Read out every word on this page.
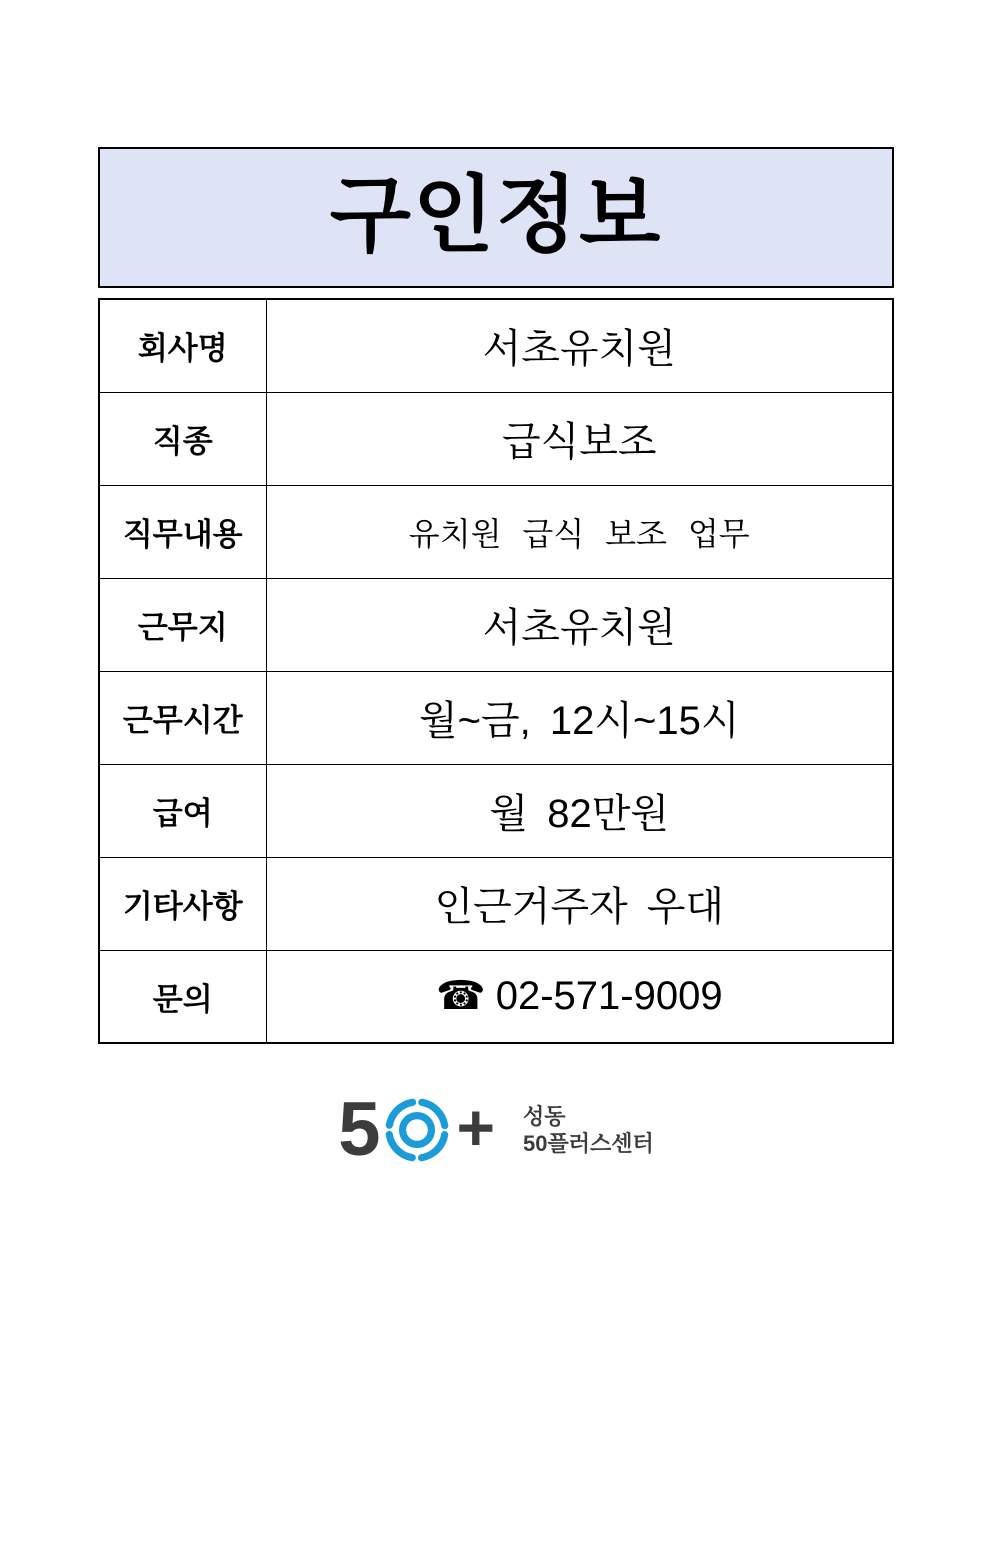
구인정보
회사명	서초유치원
직종	급식보조
직무내용	유치원 급식 보조 업무
근무지	서초유치원
근무시간	월~금, 12시~15시
급여	월 82만원
기타사항	인근거주자 우대
문의	☎ 02-571-9009
5 + 성동
50플러스센터
